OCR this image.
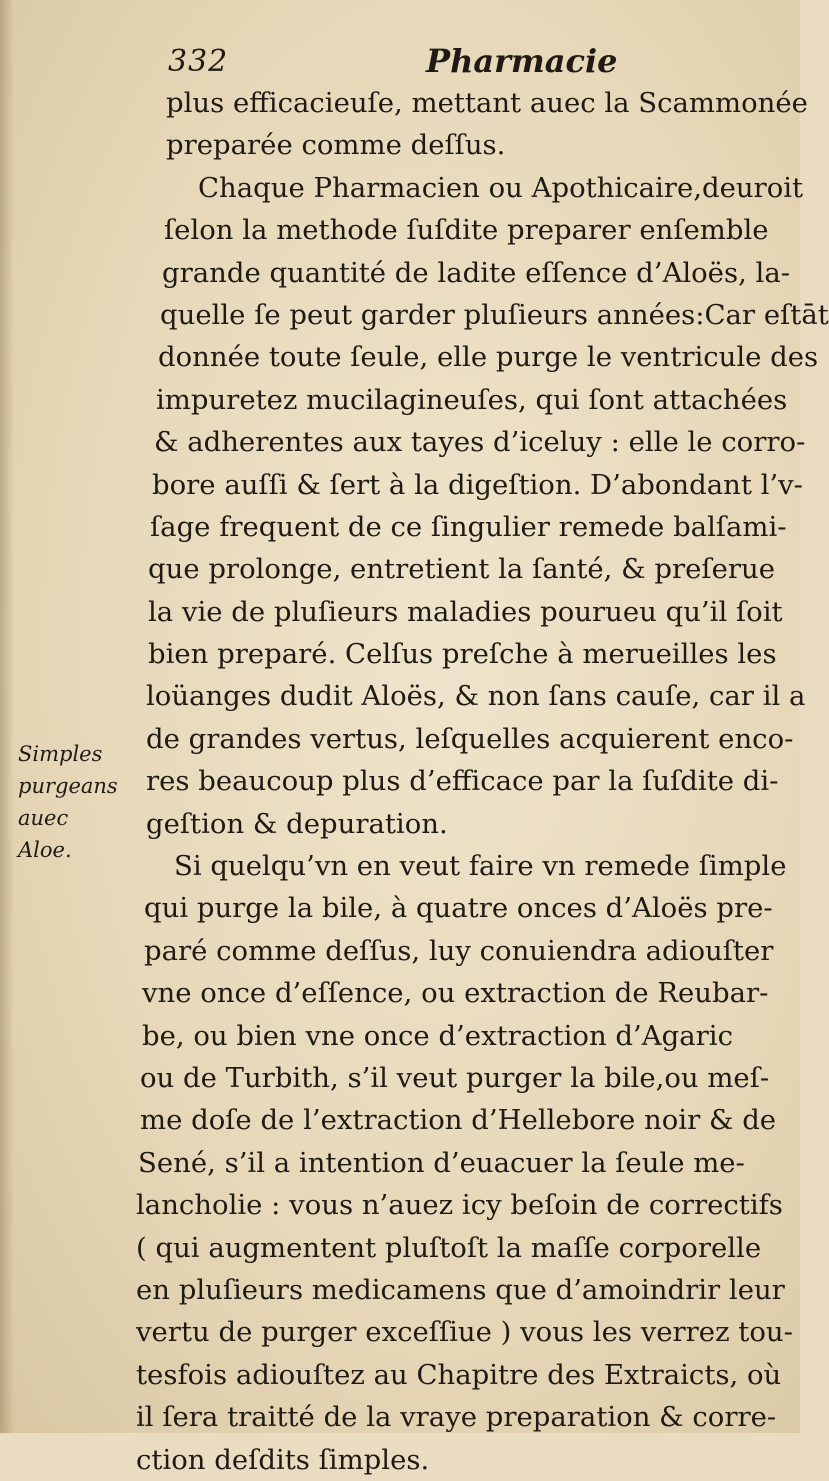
332	Pharmacie
Simples
purgeans
auec
Aloe.
plus efficacieuſe, mettant auec la Scammonée
preparée comme deſſus.
Chaque Pharmacien ou Apothicaire,deuroit
ſelon la methode ſuſdite preparer enſemble
grande quantité de ladite eſſence d’Aloës, la-
quelle ſe peut garder pluſieurs années:Car eſtāt
donnée toute ſeule, elle purge le ventricule des
impuretez mucilagineuſes, qui ſont attachées
& adherentes aux tayes d’iceluy : elle le corro-
bore auſſi & ſert à la digeſtion. D’abondant l’v-
ſage frequent de ce ſingulier remede balſami-
que prolonge, entretient la ſanté, & preſerue
la vie de pluſieurs maladies pourueu qu’il ſoit
bien preparé. Celſus preſche à merueilles les
loüanges dudit Aloës, & non ſans cauſe, car il a
de grandes vertus, leſquelles acquierent enco-
res beaucoup plus d’efficace par la ſuſdite di-
geſtion & depuration.
Si quelqu’vn en veut faire vn remede ſimple
qui purge la bile, à quatre onces d’Aloës pre-
paré comme deſſus, luy conuiendra adiouſter
vne once d’eſſence, ou extraction de Reubar-
be, ou bien vne once d’extraction d’Agaric
ou de Turbith, s’il veut purger la bile,ou meſ-
me doſe de l’extraction d’Hellebore noir & de
Sené, s’il a intention d’euacuer la ſeule me-
lancholie : vous n’auez icy beſoin de correctifs
( qui augmentent pluſtoſt la maſſe corporelle
en pluſieurs medicamens que d’amoindrir leur
vertu de purger exceſſiue ) vous les verrez tou-
tesfois adiouſtez au Chapitre des Extraicts, où
il ſera traitté de la vraye preparation & corre-
ction deſdits ſimples.
